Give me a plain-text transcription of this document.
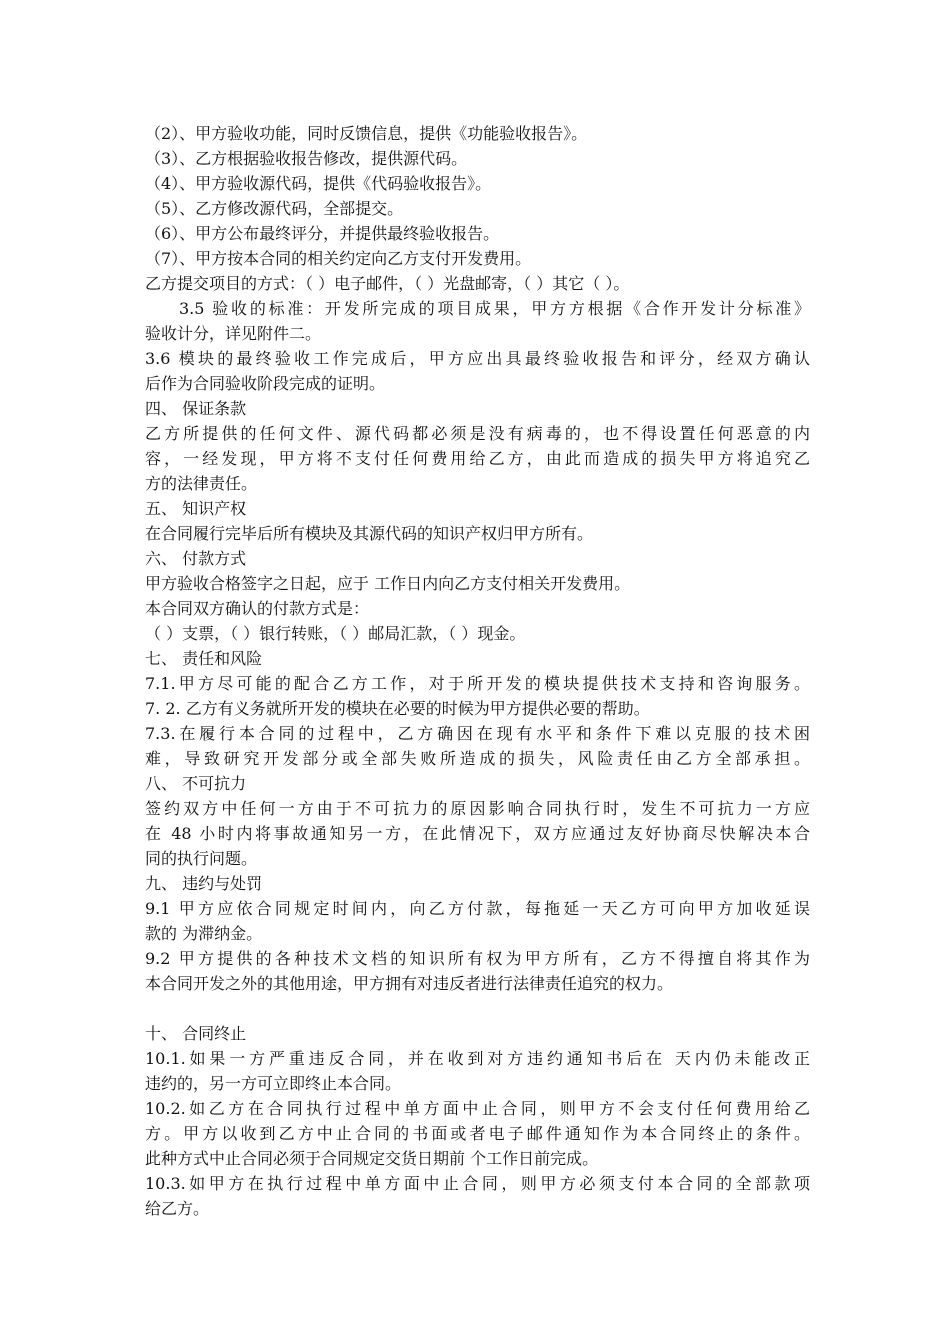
（2）、甲方验收功能，同时反馈信息，提供《功能验收报告》。
（3）、乙方根据验收报告修改，提供源代码。
（4）、甲方验收源代码，提供《代码验收报告》。
（5）、乙方修改源代码，全部提交。
（6）、甲方公布最终评分，并提供最终验收报告。
（7）、甲方按本合同的相关约定向乙方支付开发费用。
乙方提交项目的方式：（ ）电子邮件，（ ）光盘邮寄，（ ）其它（ ）。
3.5 验收的标准：开发所完成的项目成果，甲方方根据《合作开发计分标准》
验收计分，详见附件二。
3.6 模块的最终验收工作完成后，甲方应出具最终验收报告和评分，经双方确认
后作为合同验收阶段完成的证明。
四、 保证条款
乙方所提供的任何文件、源代码都必须是没有病毒的，也不得设置任何恶意的内
容，一经发现，甲方将不支付任何费用给乙方，由此而造成的损失甲方将追究乙
方的法律责任。
五、 知识产权
在合同履行完毕后所有模块及其源代码的知识产权归甲方所有。
六、 付款方式
甲方验收合格签字之日起，应于 工作日内向乙方支付相关开发费用。
本合同双方确认的付款方式是：
（ ）支票，（ ）银行转账，（ ）邮局汇款，（ ）现金。
七、 责任和风险
7.1.甲方尽可能的配合乙方工作，对于所开发的模块提供技术支持和咨询服务。
7. 2. 乙方有义务就所开发的模块在必要的时候为甲方提供必要的帮助。
7.3.在履行本合同的过程中，乙方确因在现有水平和条件下难以克服的技术困
难，导致研究开发部分或全部失败所造成的损失，风险责任由乙方全部承担。
八、 不可抗力
签约双方中任何一方由于不可抗力的原因影响合同执行时，发生不可抗力一方应
在 48 小时内将事故通知另一方，在此情况下，双方应通过友好协商尽快解决本合
同的执行问题。
九、 违约与处罚
9.1 甲方应依合同规定时间内，向乙方付款，每拖延一天乙方可向甲方加收延误
款的 为滞纳金。
9.2 甲方提供的各种技术文档的知识所有权为甲方所有，乙方不得擅自将其作为
本合同开发之外的其他用途，甲方拥有对违反者进行法律责任追究的权力。
十、 合同终止
10.1.如果一方严重违反合同，并在收到对方违约通知书后在 天内仍未能改正
违约的，另一方可立即终止本合同。
10.2.如乙方在合同执行过程中单方面中止合同，则甲方不会支付任何费用给乙
方。甲方以收到乙方中止合同的书面或者电子邮件通知作为本合同终止的条件。
此种方式中止合同必须于合同规定交货日期前 个工作日前完成。
10.3.如甲方在执行过程中单方面中止合同，则甲方必须支付本合同的全部款项
给乙方。
